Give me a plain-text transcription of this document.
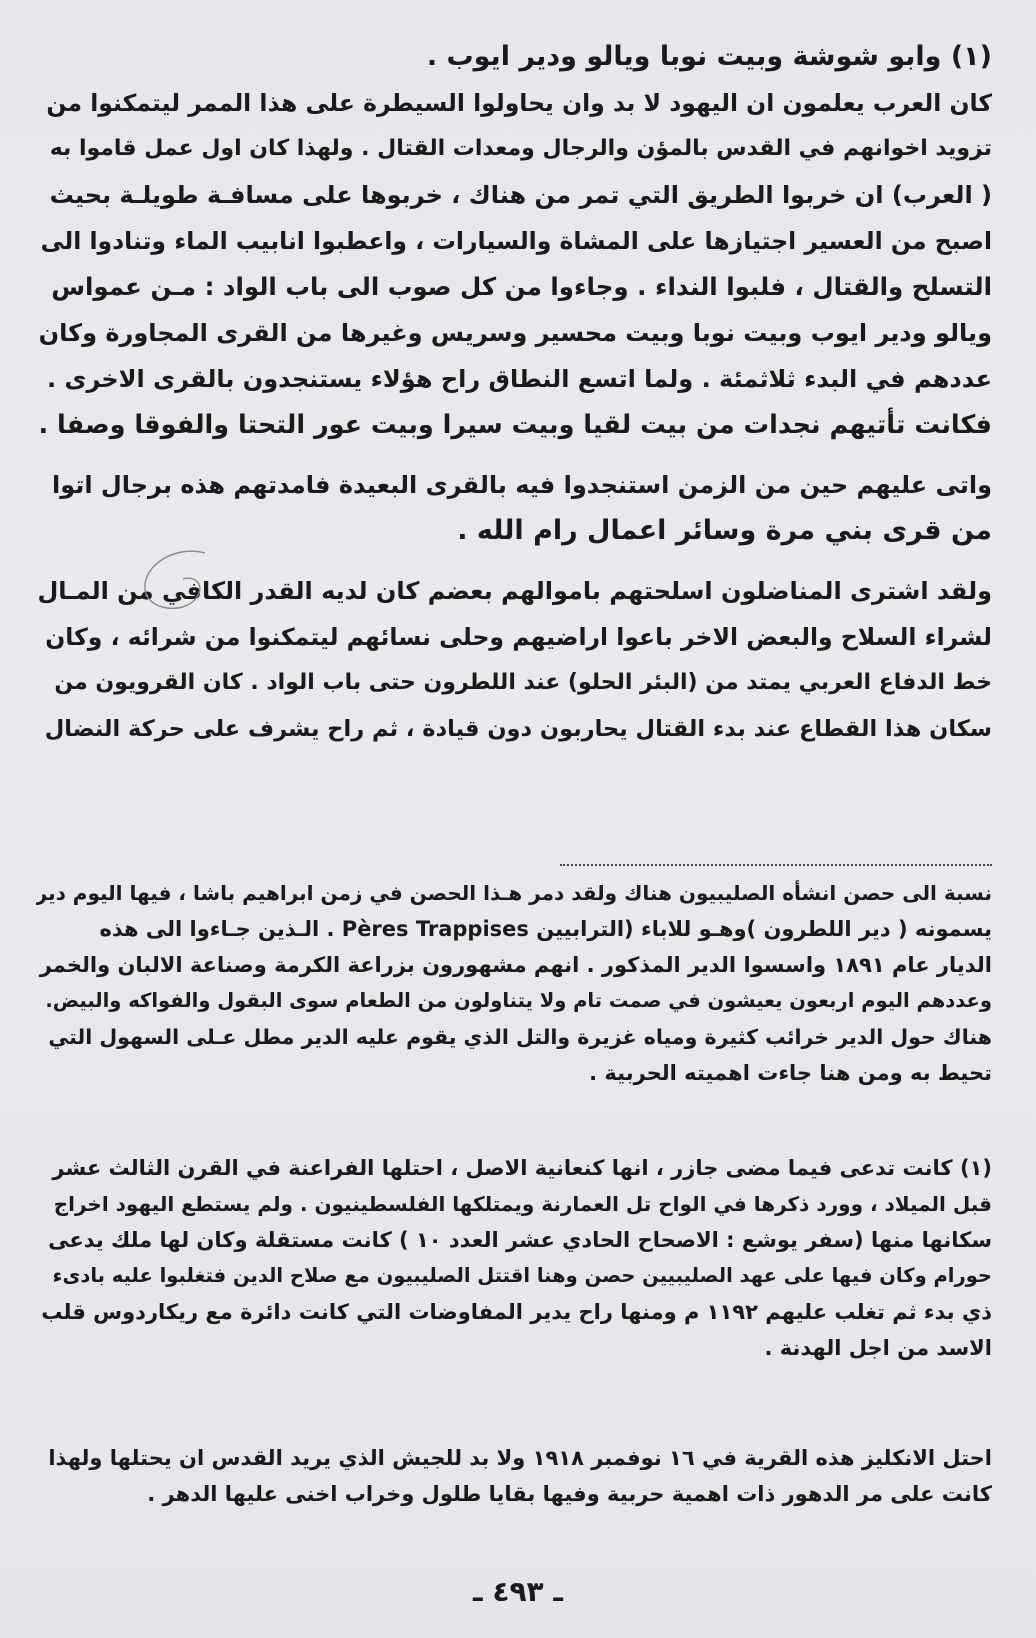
(١) وابو شوشة وبيت نوبا ويالو ودير ايوب .
كان العرب يعلمون ان اليهود لا بد وان يحاولوا السيطرة على هذا الممر ليتمكنوا من
تزويد اخوانهم في القدس بالمؤن والرجال ومعدات القتال . ولهذا كان اول عمل قاموا به
( العرب) ان خربوا الطريق التي تمر من هناك ، خربوها على مسافـة طويلـة بحيث
اصبح من العسير اجتيازها على المشاة والسيارات ، واعطبوا انابيب الماء وتنادوا الى
التسلح والقتال ، فلبوا النداء . وجاءوا من كل صوب الى باب الواد : مـن عمواس
ويالو ودير ايوب وبيت نوبا وبيت محسير وسريس وغيرها من القرى المجاورة وكان
عددهم في البدء ثلاثمئة . ولما اتسع النطاق راح هؤلاء يستنجدون بالقرى الاخرى .
فكانت تأتيهم نجدات من بيت لقيا وبيت سيرا وبيت عور التحتا والفوقا وصفا .
واتى عليهم حين من الزمن استنجدوا فيه بالقرى البعيدة فامدتهم هذه برجال اتوا
من قرى بني مرة وسائر اعمال رام الله .
ولقد اشترى المناضلون اسلحتهم باموالهم بعضم كان لديه القدر الكافي من المـال
لشراء السلاح والبعض الاخر باعوا اراضيهم وحلى نسائهم ليتمكنوا من شرائه ، وكان
خط الدفاع العربي يمتد من (البئر الحلو) عند اللطرون حتى باب الواد . كان القرويون من
سكان هذا القطاع عند بدء القتال يحاربون دون قيادة ، ثم راح يشرف على حركة النضال
نسبة الى حصن انشأه الصليبيون هناك ولقد دمر هـذا الحصن في زمن ابراهيم باشا ، فيها اليوم دير
يسمونه ( دير اللطرون )وهـو للاباء (الترابيين Pères Trappises . الـذين جـاءوا الى هذه
الديار عام ١٨٩١ واسسوا الدير المذكور . انهم مشهورون بزراعة الكرمة وصناعة الالبان والخمر
وعددهم اليوم اربعون يعيشون في صمت تام ولا يتناولون من الطعام سوى البقول والفواكه والبيض.
هناك حول الدير خرائب كثيرة ومياه غزيرة والتل الذي يقوم عليه الدير مطل عـلى السهول التي
تحيط به ومن هنا جاءت اهميته الحربية .
(١) كانت تدعى فيما مضى جازر ، انها كنعانية الاصل ، احتلها الفراعنة في القرن الثالث عشر
قبل الميلاد ، وورد ذكرها في الواح تل العمارنة ويمتلكها الفلسطينيون . ولم يستطع اليهود اخراج
سكانها منها (سفر يوشع : الاصحاح الحادي عشر العدد ١٠ ) كانت مستقلة وكان لها ملك يدعى
حورام وكان فيها على عهد الصليبيين حصن وهنا اقتتل الصليبيون مع صلاح الدين فتغلبوا عليه بادىء
ذي بدء ثم تغلب عليهم ١١٩٢ م ومنها راح يدير المفاوضات التي كانت دائرة مع ريكاردوس قلب
الاسد من اجل الهدنة .
احتل الانكليز هذه القرية في ١٦ نوفمبر ١٩١٨ ولا بد للجيش الذي يريد القدس ان يحتلها ولهذا
كانت على مر الدهور ذات اهمية حربية وفيها بقايا طلول وخراب اخنى عليها الدهر .
ـ ٤٩٣ ـ
